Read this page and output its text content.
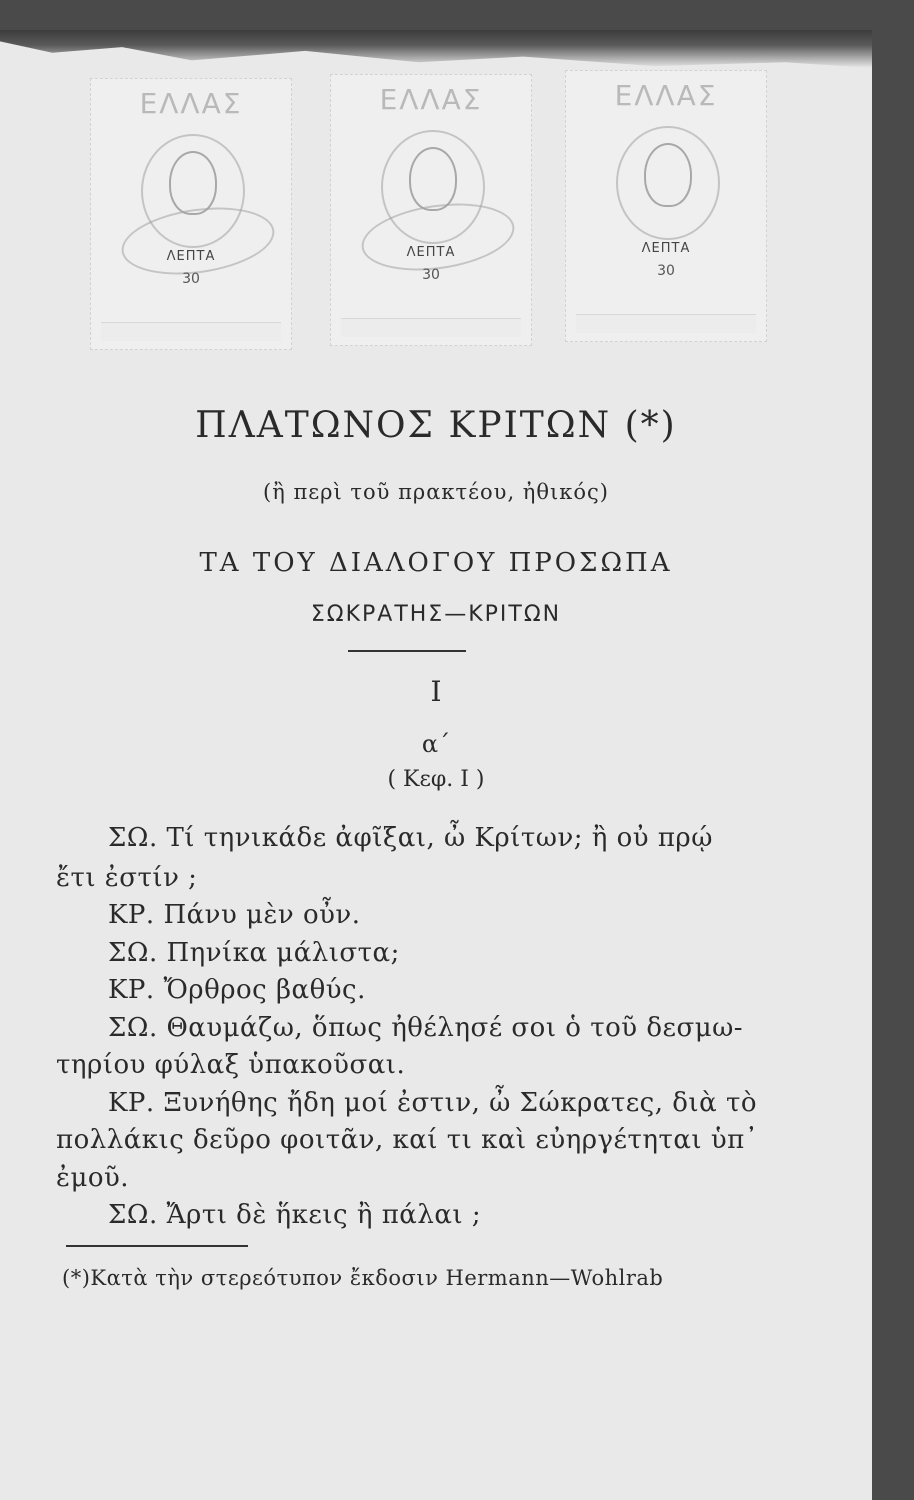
ΕΛΛΑΣ
ΛΕΠΤΑ
30
ΕΛΛΑΣ
ΛΕΠΤΑ
30
ΕΛΛΑΣ
ΛΕΠΤΑ
30
ΠΛΑΤΩΝΟΣ ΚΡΙΤΩΝ (*)
(ἢ περὶ τοῦ πρακτέου, ἠθικός)
ΤΑ ΤΟΥ ΔΙΑΛΟΓΟΥ ΠΡΟΣΩΠΑ
ΣΩΚΡΑΤΗΣ—ΚΡΙΤΩΝ
I
α΄
( Κεφ. I )
ΣΩ. Τί τηνικάδε ἀφῖξαι, ὦ Κρίτων; ἢ οὐ πρῴ
ἔτι ἐστίν ;
ΚΡ. Πάνυ μὲν οὖν.
ΣΩ. Πηνίκα μάλιστα;
ΚΡ. Ὄρθρος βαθύς.
ΣΩ. Θαυμάζω, ὅπως ἠθέλησέ σοι ὁ τοῦ δεσμω-
τηρίου φύλαξ ὑπακοῦσαι.
ΚΡ. Ξυνήθης ἤδη μοί ἐστιν, ὦ Σώκρατες, διὰ τὸ
πολλάκις δεῦρο φοιτᾶν, καί τι καὶ εὐηργέτηται ὑπ᾽
ἐμοῦ.
ΣΩ. Ἄρτι δὲ ἥκεις ἢ πάλαι ;
(*)Κατὰ τὴν στερεότυπον ἔκδοσιν Hermann—Wohlrab
